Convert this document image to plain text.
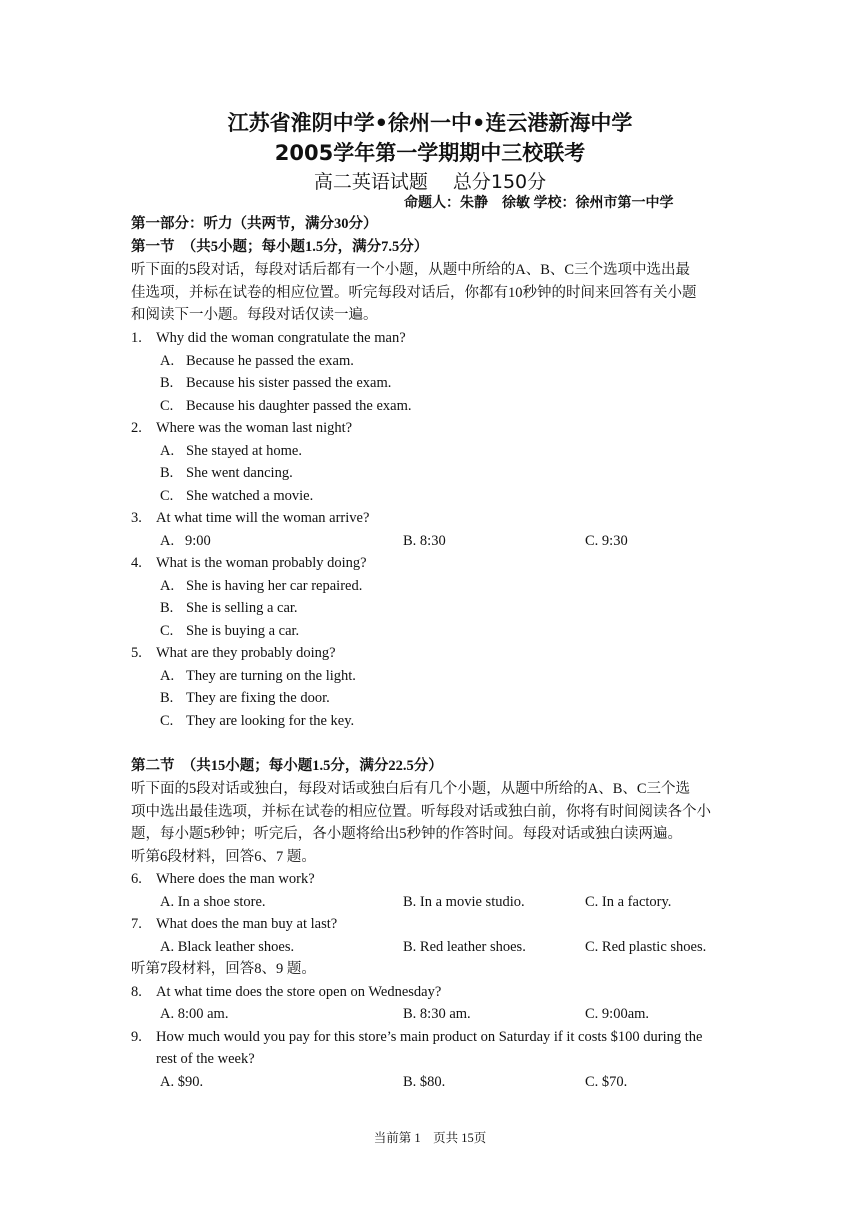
江苏省淮阴中学•徐州一中•连云港新海中学
2005学年第一学期期中三校联考
高二英语试题　 总分150分
命题人：朱静　徐敏 学校：徐州市第一中学
第一部分：听力（共两节，满分30分）
第一节　（共5小题；每小题1.5分，满分7.5分）
听下面的5段对话，每段对话后都有一个小题，从题中所给的A、B、C三个选项中选出最
佳选项，并标在试卷的相应位置。听完每段对话后，你都有10秒钟的时间来回答有关小题
和阅读下一小题。每段对话仅读一遍。
1. Why did the woman congratulate the man?
A. Because he passed the exam.
B. Because his sister passed the exam.
C. Because his daughter passed the exam.
2. Where was the woman last night?
A. She stayed at home.
B. She went dancing.
C. She watched a movie.
3. At what time will the woman arrive?
A.   9:00	B. 8:30	C. 9:30
4. What is the woman probably doing?
A. She is having her car repaired.
B. She is selling a car.
C. She is buying a car.
5. What are they probably doing?
A. They are turning on the light.
B. They are fixing the door.
C. They are looking for the key.
第二节　（共15小题；每小题1.5分，满分22.5分）
听下面的5段对话或独白，每段对话或独白后有几个小题，从题中所给的A、B、C三个选
项中选出最佳选项，并标在试卷的相应位置。听每段对话或独白前，你将有时间阅读各个小
题，每小题5秒钟；听完后，各小题将给出5秒钟的作答时间。每段对话或独白读两遍。
听第6段材料，回答6、7 题。
6. Where does the man work?
A. In a shoe store.	B. In a movie studio.	C. In a factory.
7. What does the man buy at last?
A. Black leather shoes.	B. Red leather shoes.	C. Red plastic shoes.
听第7段材料，回答8、9 题。
8. At what time does the store open on Wednesday?
A. 8:00 am.	B. 8:30 am.	C. 9:00am.
9. How much would you pay for this store’s main product on Saturday if it costs $100 during the
rest of the week?
A. $90.	B. $80.	C. $70.
当前第 1　页共 15页
